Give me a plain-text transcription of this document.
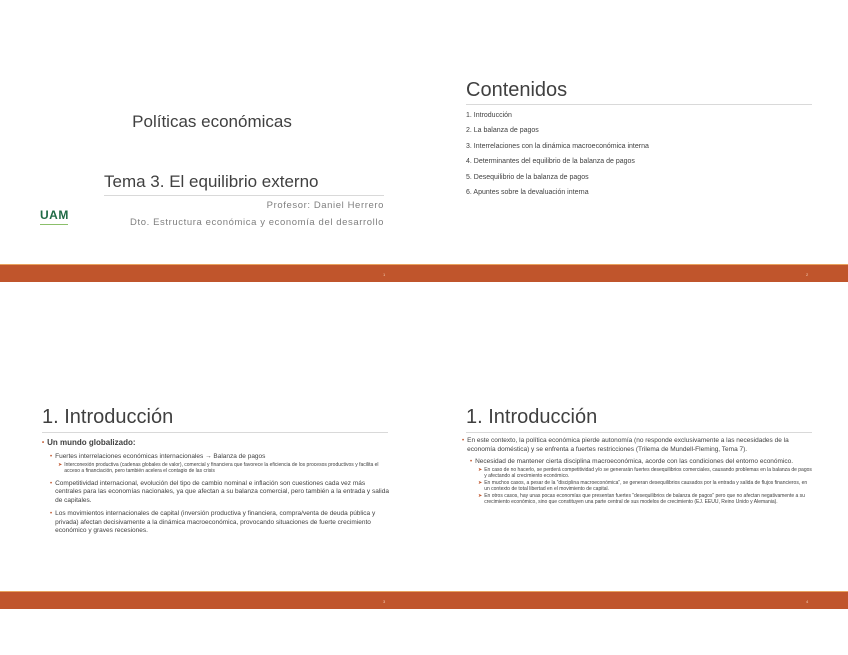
Políticas económicas
Tema 3. El equilibrio externo
Profesor: Daniel Herrero
Dto. Estructura económica y economía del desarrollo
UAM
Contenidos
1. Introducción
2. La balanza de pagos
3. Interrelaciones con la dinámica macroeconómica interna
4. Determinantes del equilibrio de la balanza de pagos
5. Desequilibrio de la balanza de pagos
6. Apuntes sobre la devaluación interna
1	2
1. Introducción
• Un mundo globalizado:
• Fuertes interrelaciones económicas internacionales → Balanza de pagos
➤ Interconexión productiva (cadenas globales de valor), comercial y financiera que favorece la eficiencia de los procesos productivos y facilita el acceso a financiación, pero también acelera el contagio de las crisis
• Competitividad internacional, evolución del tipo de cambio nominal e inflación son cuestiones cada vez más centrales para las economías nacionales, ya que afectan a su balanza comercial, pero también a la entrada y salida de capitales.
• Los movimientos internacionales de capital (inversión productiva y financiera, compra/venta de deuda pública y privada) afectan decisivamente a la dinámica macroeconómica, provocando situaciones de fuerte crecimiento económico y graves recesiones.
1. Introducción
• En este contexto, la política económica pierde autonomía (no responde exclusivamente a las necesidades de la economía doméstica) y se enfrenta a fuertes restricciones (Trilema de Mundell-Fleming, Tema 7).
• Necesidad de mantener cierta disciplina macroeconómica, acorde con las condiciones del entorno económico.
➤ En caso de no hacerlo, se perderá competitividad y/o se generarán fuertes desequilibrios comerciales, causando problemas en la balanza de pagos y afectando al crecimiento económico.
➤ En muchos casos, a pesar de la “disciplina macroeconómica”, se generan desequilibrios causados por la entrada y salida de flujos financieros, en un contexto de total libertad en el movimiento de capital.
➤ En otros casos, hay unas pocas economías que presentan fuertes “desequilibrios de balanza de pagos” pero que no afectan negativamente a su crecimiento económico, sino que constituyen una parte central de sus modelos de crecimiento (EJ. EEUU, Reino Unido y Alemania).
3	4
